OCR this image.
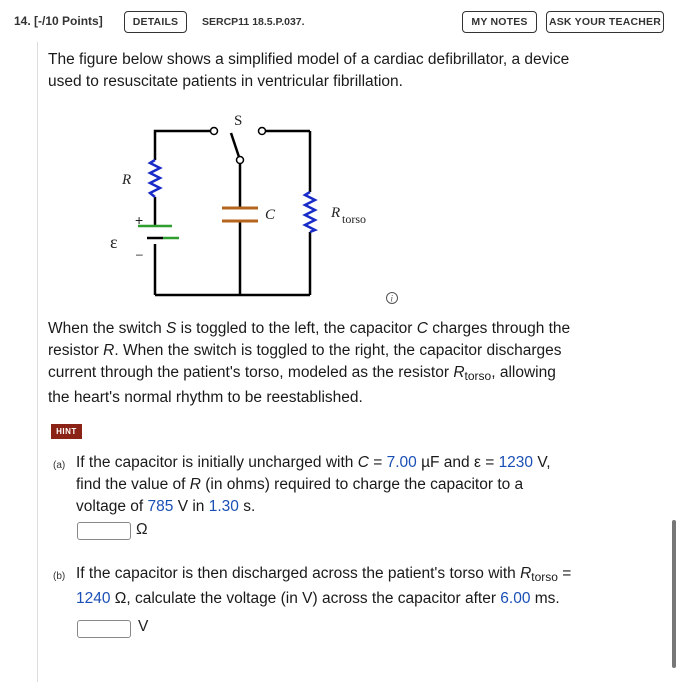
14. [-/10 Points]	DETAILS	SERCP11 18.5.P.037.	MY NOTES	ASK YOUR TEACHER
The figure below shows a simplified model of a cardiac defibrillator, a device
used to resuscitate patients in ventricular fibrillation.
S
R
C
+
–
ε
R torso
i
When the switch S is toggled to the left, the capacitor C charges through the
resistor R. When the switch is toggled to the right, the capacitor discharges
current through the patient's torso, modeled as the resistor $R_{torso}$, allowing
the heart's normal rhythm to be reestablished.
HINT
(a) If the capacitor is initially uncharged with C = 7.00 µF and ε = 1230 V,
find the value of R (in ohms) required to charge the capacitor to a
voltage of 785 V in 1.30 s.
Ω
(b) If the capacitor is then discharged across the patient's torso with $R_{torso}$ =
1240 Ω, calculate the voltage (in V) across the capacitor after 6.00 ms.
V
